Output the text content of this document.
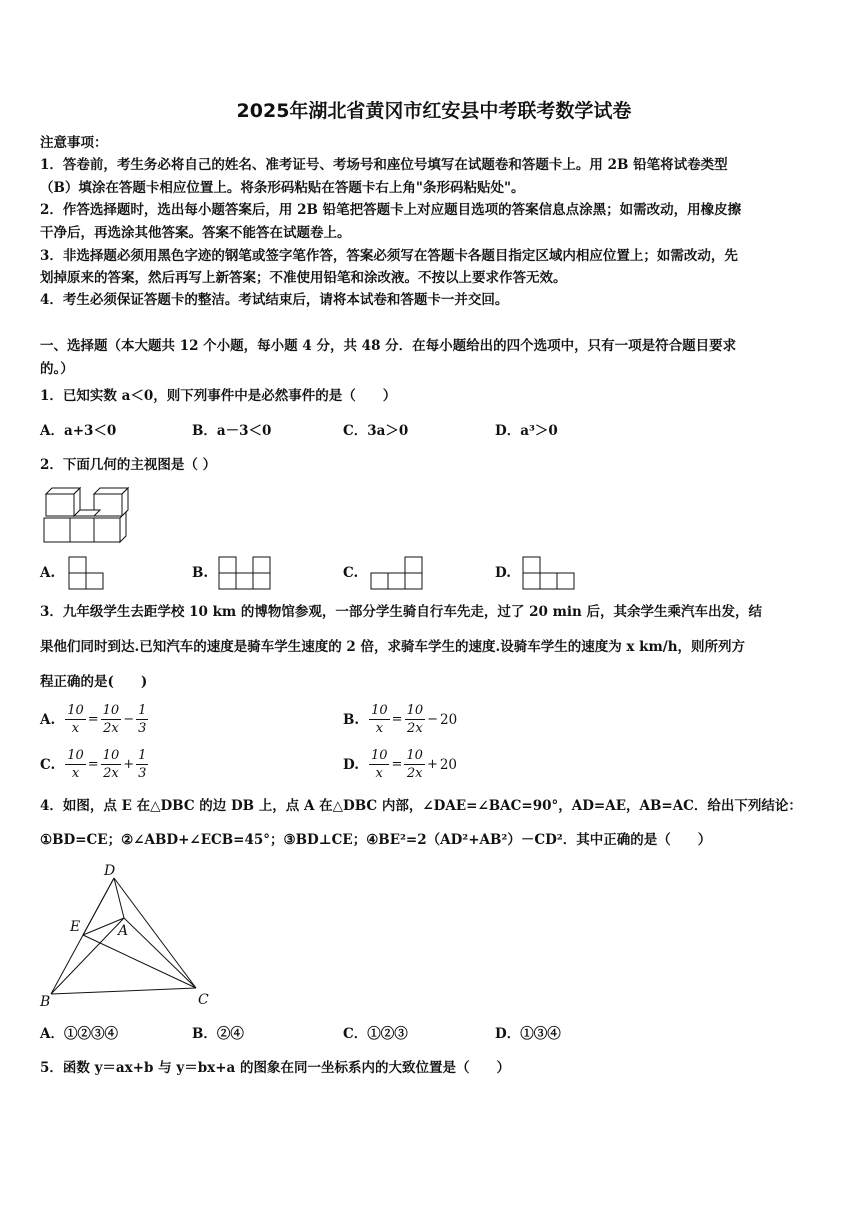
2025年湖北省黄冈市红安县中考联考数学试卷
注意事项：
1．答卷前，考生务必将自己的姓名、准考证号、考场号和座位号填写在试题卷和答题卡上。用 2B 铅笔将试卷类型
（B）填涂在答题卡相应位置上。将条形码粘贴在答题卡右上角"条形码粘贴处"。
2．作答选择题时，选出每小题答案后，用 2B 铅笔把答题卡上对应题目选项的答案信息点涂黑；如需改动，用橡皮擦
干净后，再选涂其他答案。答案不能答在试题卷上。
3．非选择题必须用黑色字迹的钢笔或签字笔作答，答案必须写在答题卡各题目指定区域内相应位置上；如需改动，先
划掉原来的答案，然后再写上新答案；不准使用铅笔和涂改液。不按以上要求作答无效。
4．考生必须保证答题卡的整洁。考试结束后，请将本试卷和答题卡一并交回。
一、选择题（本大题共 12 个小题，每小题 4 分，共 48 分．在每小题给出的四个选项中，只有一项是符合题目要求
的。）
1．已知实数 a＜0，则下列事件中是必然事件的是（　　）
A．a+3＜0	B．a－3＜0	C．3a＞0	D．a³＞0
2．下面几何的主视图是（ ）
A.	B.	C.	D.
3．九年级学生去距学校 10 km 的博物馆参观，一部分学生骑自行车先走，过了 20 min 后，其余学生乘汽车出发，结
果他们同时到达.已知汽车的速度是骑车学生速度的 2 倍，求骑车学生的速度.设骑车学生的速度为 x km/h，则所列方
程正确的是(　　)
A. $\frac{10}{x} = \frac{10}{2x} - \frac{1}{3}$	B. $\frac{10}{x} = \frac{10}{2x} - 20$
C. $\frac{10}{x} = \frac{10}{2x} + \frac{1}{3}$	D. $\frac{10}{x} = \frac{10}{2x} + 20$
4．如图，点 E 在△DBC 的边 DB 上，点 A 在△DBC 内部，∠DAE=∠BAC=90°，AD=AE，AB=AC．给出下列结论：
①BD=CE；②∠ABD+∠ECB=45°；③BD⊥CE；④BE²=2（AD²+AB²）－CD²．其中正确的是（　　）
D
E	A
B	C
A．①②③④	B．②④	C．①②③	D．①③④
5．函数 y＝ax+b 与 y＝bx+a 的图象在同一坐标系内的大致位置是（　　）
